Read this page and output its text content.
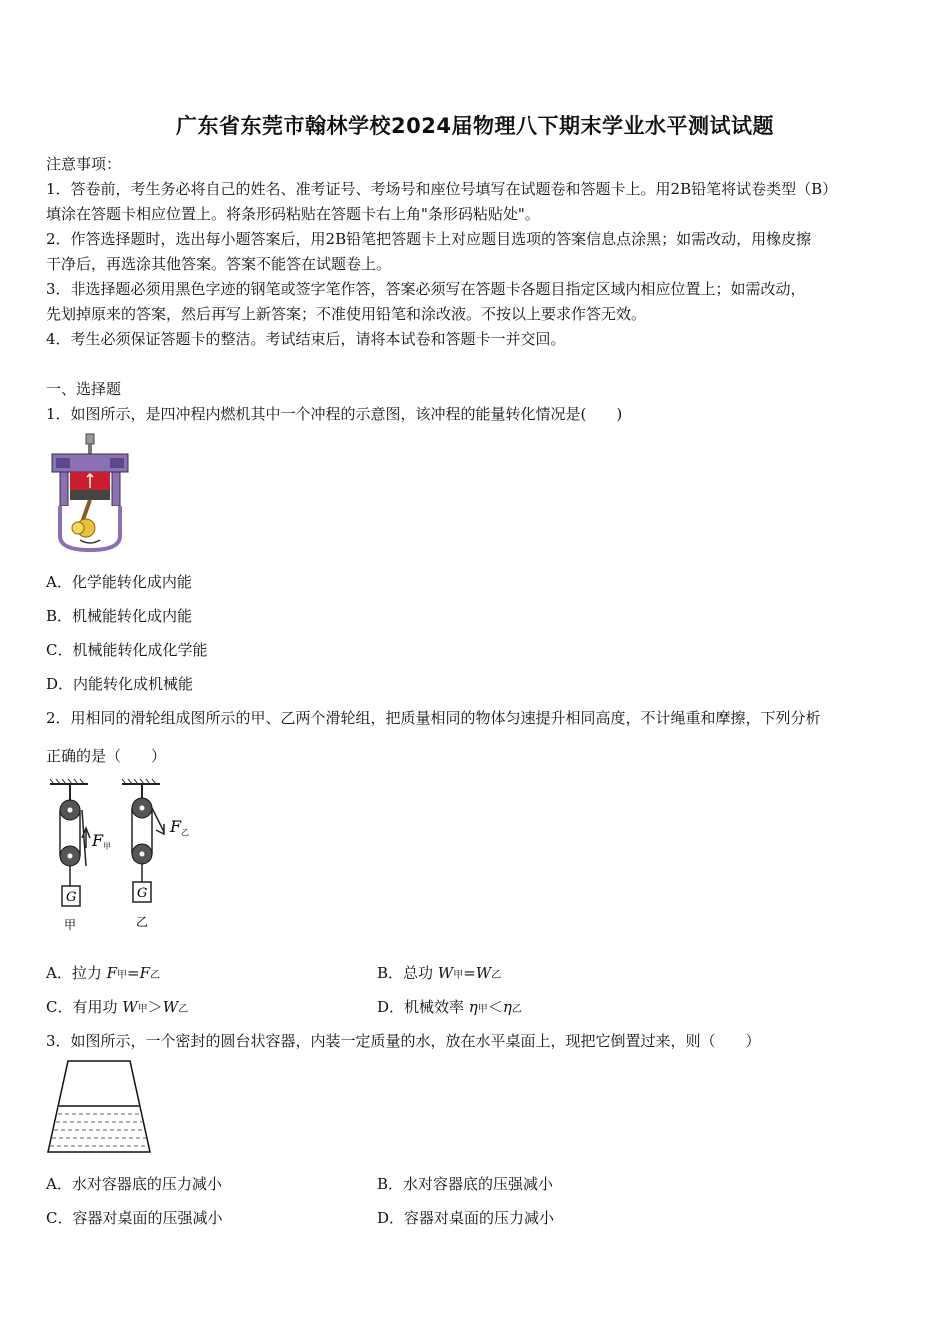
广东省东莞市翰林学校2024届物理八下期末学业水平测试试题
注意事项：
1．答卷前，考生务必将自己的姓名、准考证号、考场号和座位号填写在试题卷和答题卡上。用2B铅笔将试卷类型（B）
填涂在答题卡相应位置上。将条形码粘贴在答题卡右上角"条形码粘贴处"。
2．作答选择题时，选出每小题答案后，用2B铅笔把答题卡上对应题目选项的答案信息点涂黑；如需改动，用橡皮擦
干净后，再选涂其他答案。答案不能答在试题卷上。
3．非选择题必须用黑色字迹的钢笔或签字笔作答，答案必须写在答题卡各题目指定区域内相应位置上；如需改动，
先划掉原来的答案，然后再写上新答案；不准使用铅笔和涂改液。不按以上要求作答无效。
4．考生必须保证答题卡的整洁。考试结束后，请将本试卷和答题卡一并交回。
一、选择题
1．如图所示，是四冲程内燃机其中一个冲程的示意图，该冲程的能量转化情况是(　　)
A．化学能转化成内能
B．机械能转化成内能
C．机械能转化成化学能
D．内能转化成机械能
2．用相同的滑轮组成图所示的甲、乙两个滑轮组，把质量相同的物体匀速提升相同高度，不计绳重和摩擦，下列分析
正确的是（　　）
F 甲
G
甲
F 乙
G
乙
A．拉力 F甲=F乙	B．总功 W甲=W乙
C．有用功 W甲＞W乙	D．机械效率 η甲＜η乙
3．如图所示，一个密封的圆台状容器，内装一定质量的水，放在水平桌面上，现把它倒置过来，则（　　）
A．水对容器底的压力减小	B．水对容器底的压强减小
C．容器对桌面的压强减小	D．容器对桌面的压力减小
